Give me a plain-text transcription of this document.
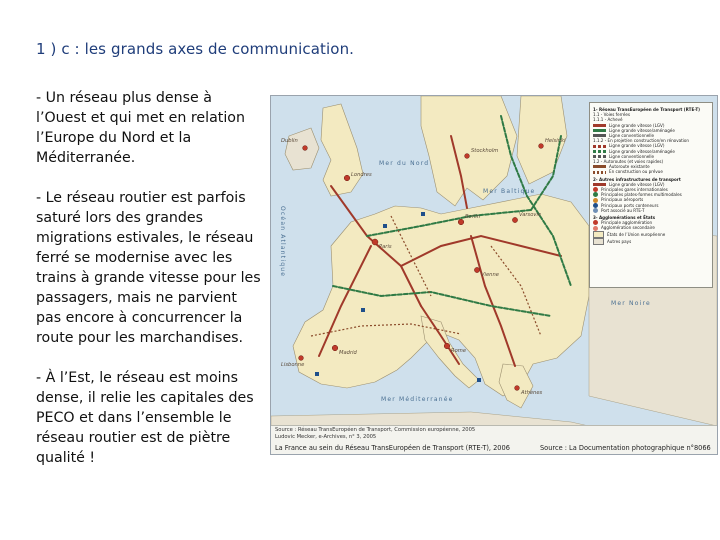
1 ) c : les grands axes de communication.

- Un réseau plus dense à l’Ouest et qui met en relation l’Europe du Nord et la Méditerranée.

- Le réseau routier est parfois saturé lors des grandes migrations estivales, le réseau ferré se modernise avec les trains à grande vitesse pour les passagers, mais ne parvient pas encore à concurrencer la route pour les marchandises.

- À l’Est, le réseau est moins dense, il relie les capitales des PECO et dans l’ensemble le réseau routier est de piètre qualité !

Mer du Nord
Mer Baltique
Océan Atlantique
Mer Méditerranée
Mer Noire
Dublin
Londres
Paris
Madrid
Lisbonne
Rome
Berlin	Varsovie
Vienne
Athènes
Stockholm
Helsinki
1- Réseau TransEuropéen de Transport (RTE-T)
1.1 - Voies ferrées
1.1.1 - Achevé
Ligne grande vitesse (LGV)
Ligne grande vitesse/aménagée
Ligne conventionnelle
1.1.2 - En projet/en construction/en rénovation
Ligne grande vitesse (LGV)
Ligne grande vitesse/aménagée
Ligne conventionnelle
1.2 - Autoroutes (et voies rapides)
Autoroute existante
En construction ou prévue
2- Autres infrastructures de transport
Ligne grande vitesse (LGV)
Principales gares internationales
Principales plates-formes multimodales
Principaux aéroports
Principaux ports conteneurs
Port associé au RTE-T
3- Agglomérations et États
Principale agglomération
Agglomération secondaire
États de l’Union européenne
Autres pays
Source : Réseau TransEuropéen de Transport, Commission européenne, 2005
Ludovic Mecker, e-Archives, n° 3, 2005
La France au sein du Réseau TransEuropéen de Transport (RTE-T), 2006	Source : La Documentation photographique n°8066
